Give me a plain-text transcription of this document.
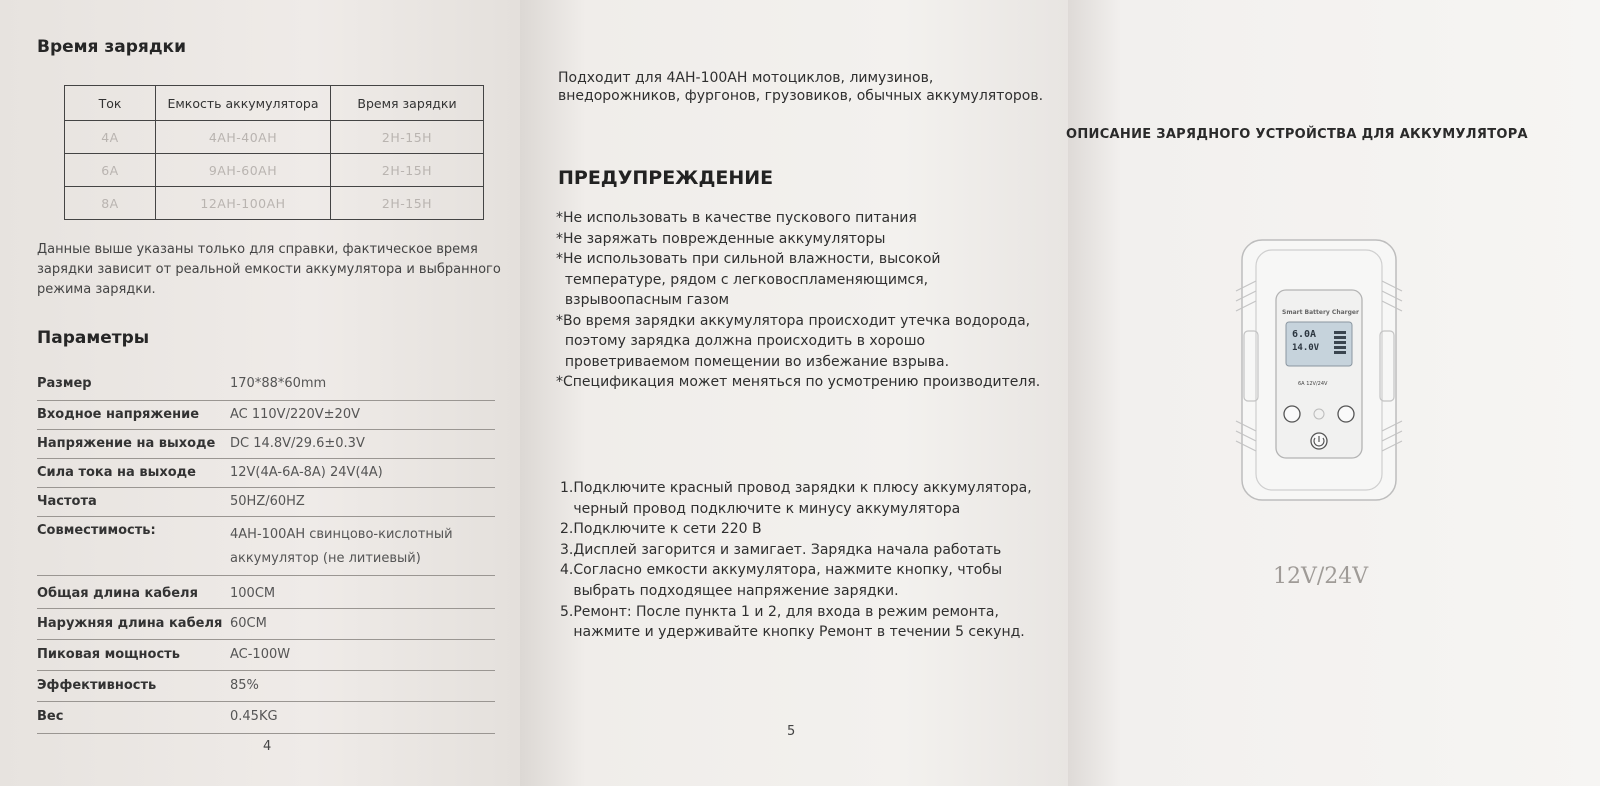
Время зарядки
Ток	Емкость аккумулятора	Время зарядки
4A	4AH-40AH	2H-15H
6A	9AH-60AH	2H-15H
8A	12AH-100AH	2H-15H
Данные выше указаны только для справки, фактическое время зарядки зависит от реальной емкости аккумулятора и выбранного режима зарядки.
Параметры
Размер	170*88*60mm
Входное напряжение AC 110V/220V±20V
Напряжение на выходе DC 14.8V/29.6±0.3V
Сила тока на выходе	12V(4A-6A-8A) 24V(4A)
Частота	50HZ/60HZ
Совместимость:	4AH-100AH свинцово-кислотный аккумулятор (не литиевый)
Общая длина кабеля 100CM
Наружняя длина кабеля 60CM
Пиковая мощность	AC-100W
Эффективность	85%
Вес	0.45KG
4
Подходит для 4АН-100АН мотоциклов, лимузинов,
внедорожников, фургонов, грузовиков, обычных аккумуляторов.
ПРЕДУПРЕЖДЕНИЕ
*Не использовать в качестве пускового питания
*Не заряжать поврежденные аккумуляторы
*Не использовать при сильной влажности, высокой
температуре, рядом с легковоспламеняющимся,
взрывоопасным газом
*Во время зарядки аккумулятора происходит утечка водорода,
поэтому зарядка должна происходить в хорошо
проветриваемом помещении во избежание взрыва.
*Спецификация может меняться по усмотрению производителя.
1.Подключите красный провод зарядки к плюсу аккумулятора,
черный провод подключите к минусу аккумулятора
2.Подключите к сети 220 В
3.Дисплей загорится и замигает. Зарядка начала работать
4.Согласно емкости аккумулятора, нажмите кнопку, чтобы
выбрать подходящее напряжение зарядки.
5.Ремонт: После пункта 1 и 2, для входа в режим ремонта,
нажмите и удерживайте кнопку Ремонт в течении 5 секунд.
5
ОПИСАНИЕ ЗАРЯДНОГО УСТРОЙСТВА ДЛЯ АККУМУЛЯТОРА
Smart Battery Charger
6.0A
14.0V
6A 12V/24V
12V/24V
